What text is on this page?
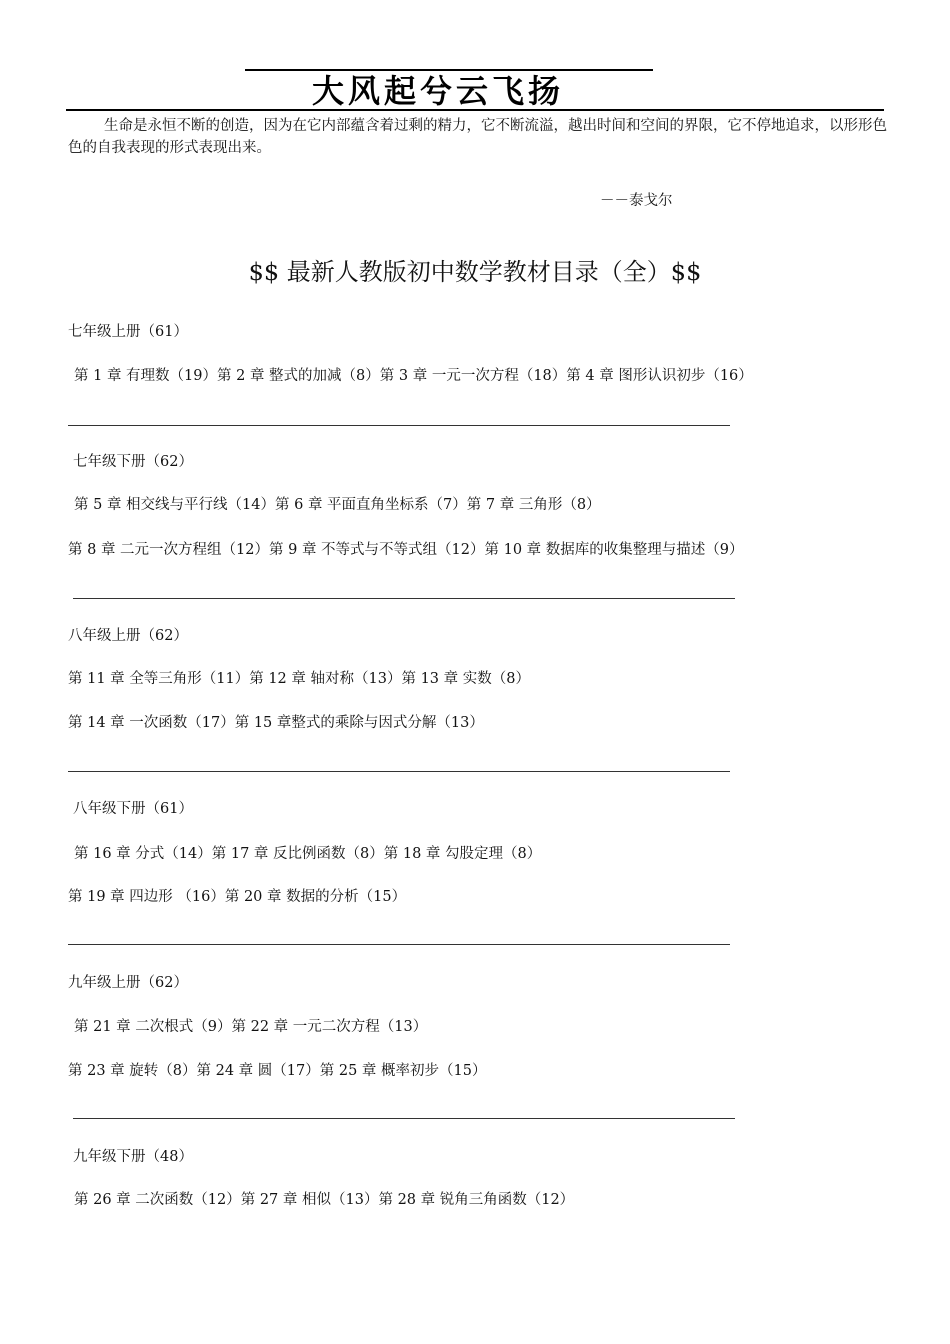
大风起兮云飞扬
生命是永恒不断的创造，因为在它内部蕴含着过剩的精力，它不断流溢，越出时间和空间的界限，它不停地追求，以形形色色的自我表现的形式表现出来。
－－泰戈尔
$$ 最新人教版初中数学教材目录（全）$$
七年级上册（61）
第 1 章 有理数（19）第 2 章 整式的加减（8）第 3 章 一元一次方程（18）第 4 章 图形认识初步（16）
七年级下册（62）
第 5 章 相交线与平行线（14）第 6 章 平面直角坐标系（7）第 7 章 三角形（8）
第 8 章 二元一次方程组（12）第 9 章 不等式与不等式组（12）第 10 章 数据库的收集整理与描述（9）
八年级上册（62）
第 11 章 全等三角形（11）第 12 章 轴对称（13）第 13 章 实数（8）
第 14 章 一次函数（17）第 15 章整式的乘除与因式分解（13）
八年级下册（61）
第 16 章 分式（14）第 17 章 反比例函数（8）第 18 章 勾股定理（8）
第 19 章 四边形 （16）第 20 章 数据的分析（15）
九年级上册（62）
第 21 章 二次根式（9）第 22 章 一元二次方程（13）
第 23 章 旋转（8）第 24 章 圆（17）第 25 章 概率初步（15）
九年级下册（48）
第 26 章 二次函数（12）第 27 章 相似（13）第 28 章 锐角三角函数（12）
